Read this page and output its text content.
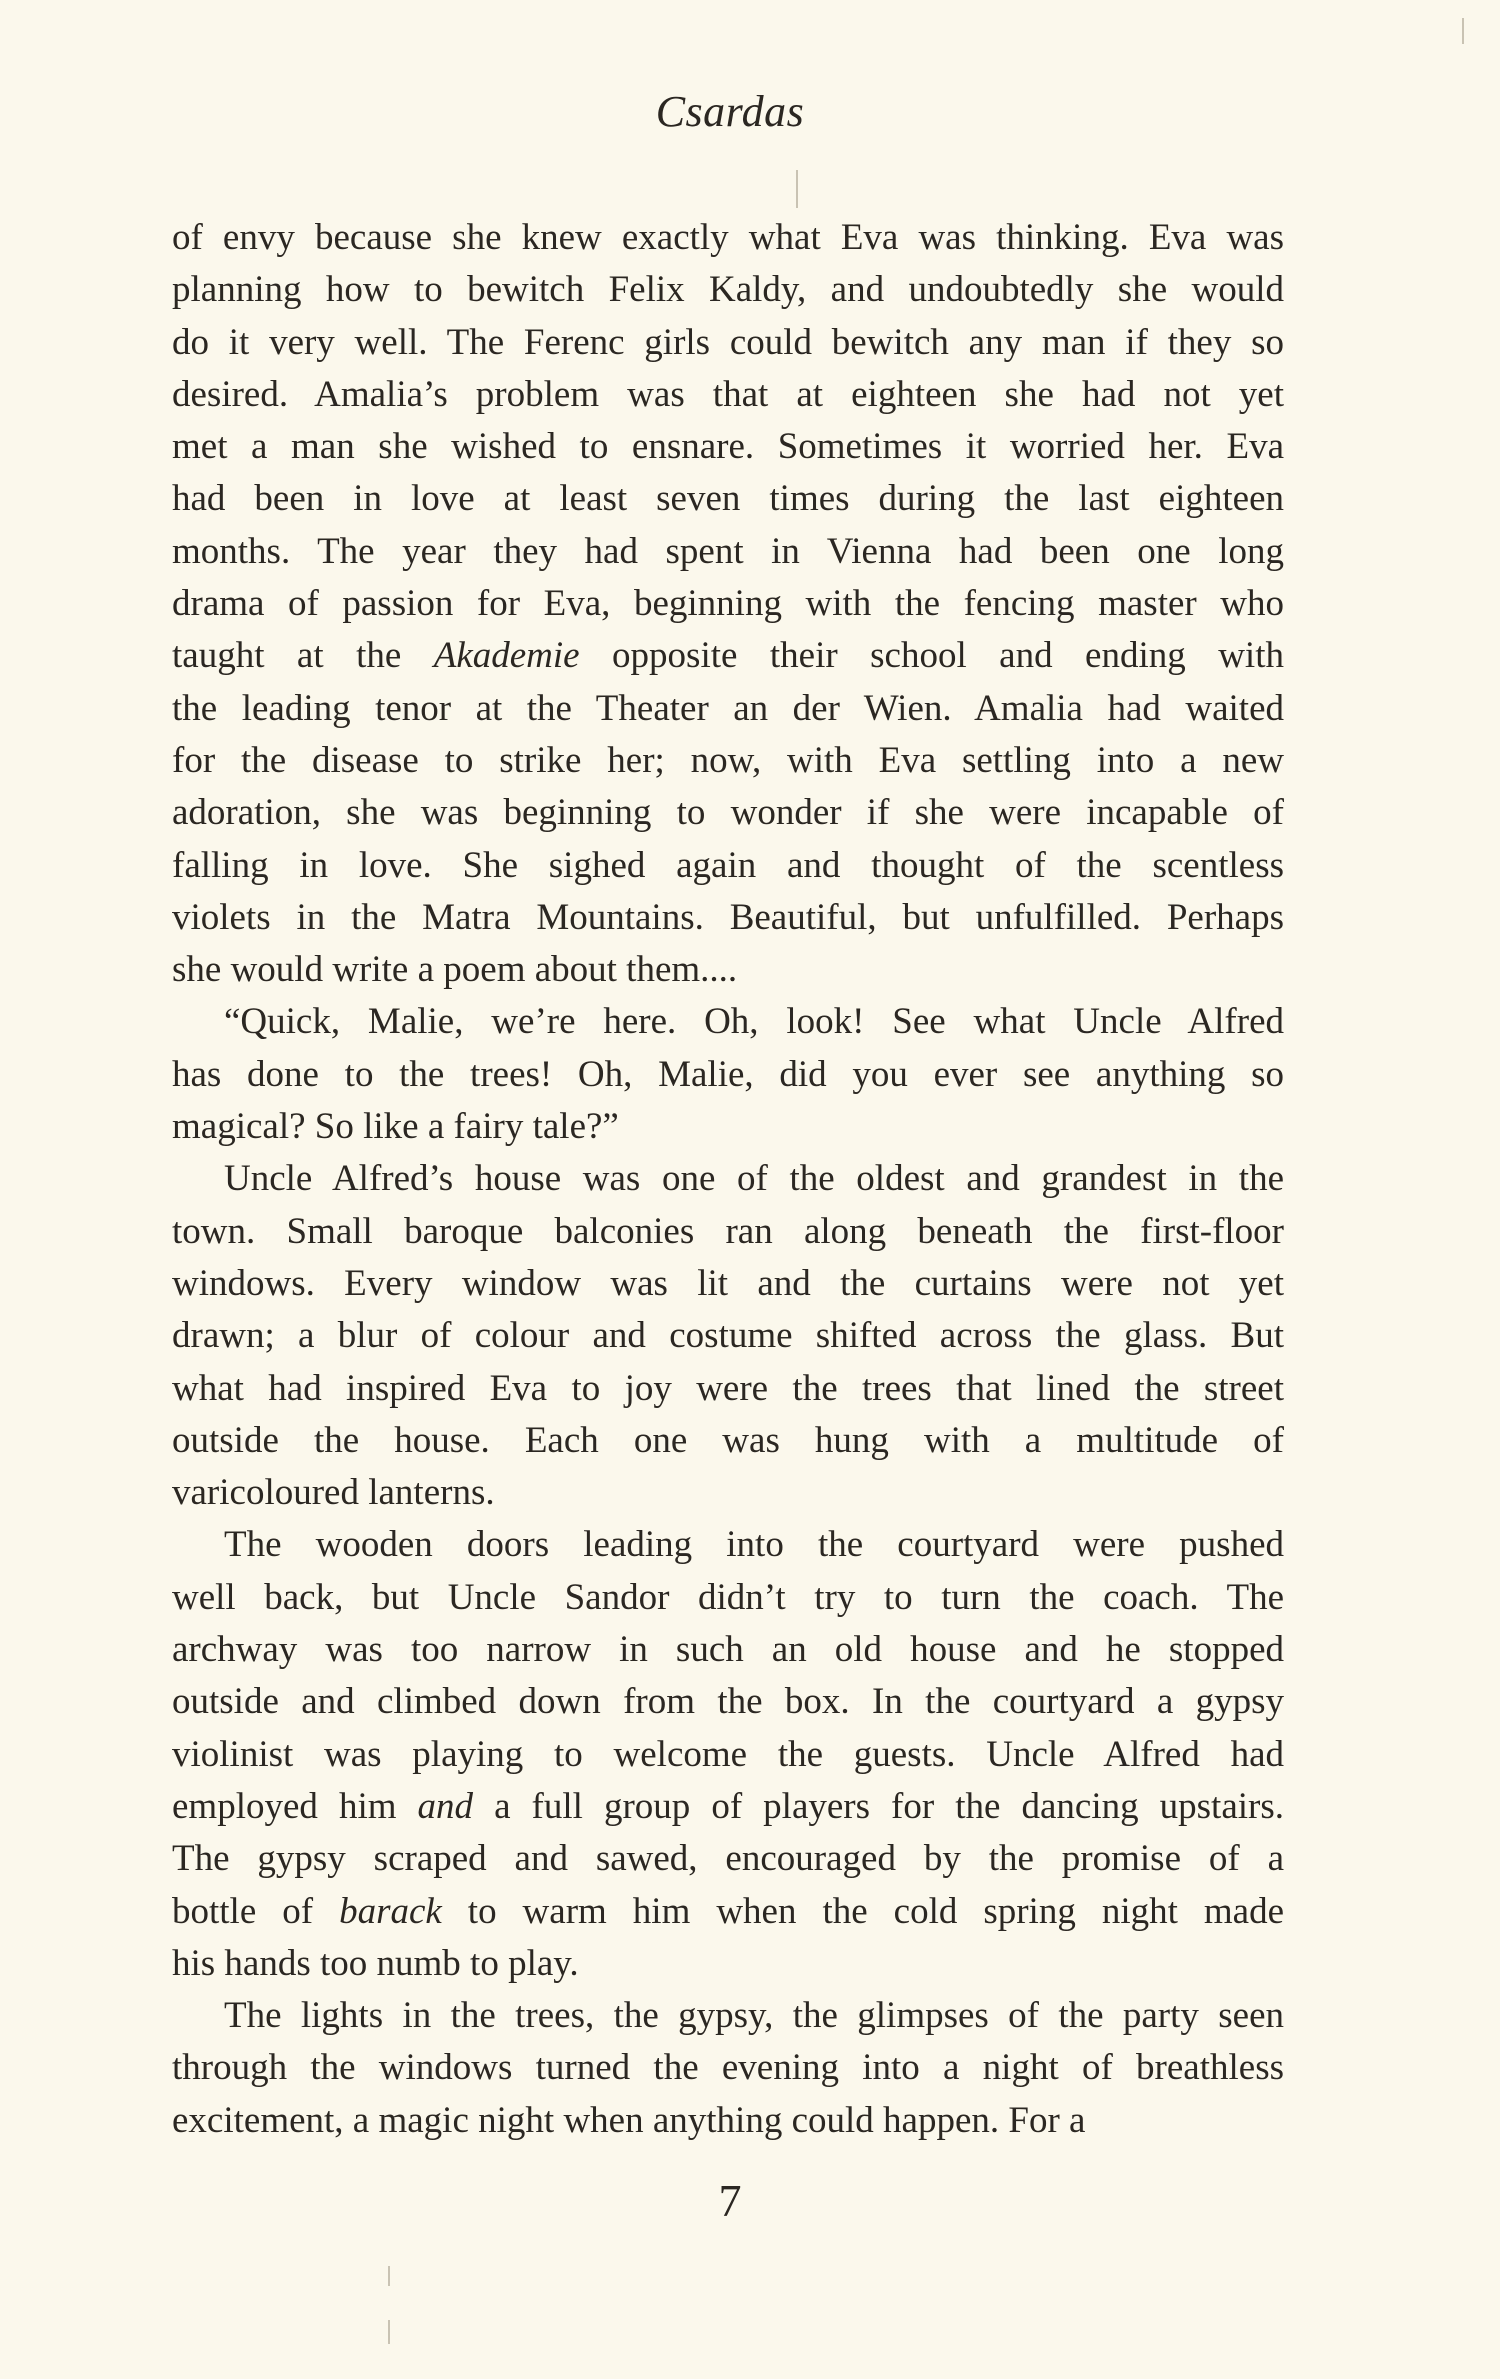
Csardas
of envy because she knew exactly what Eva was thinking. Eva was
planning how to bewitch Felix Kaldy, and undoubtedly she would
do it very well. The Ferenc girls could bewitch any man if they so
desired. Amalia’s problem was that at eighteen she had not yet
met a man she wished to ensnare. Sometimes it worried her. Eva
had been in love at least seven times during the last eighteen
months. The year they had spent in Vienna had been one long
drama of passion for Eva, beginning with the fencing master who
taught at the Akademie opposite their school and ending with
the leading tenor at the Theater an der Wien. Amalia had waited
for the disease to strike her; now, with Eva settling into a new
adoration, she was beginning to wonder if she were incapable of
falling in love. She sighed again and thought of the scentless
violets in the Matra Mountains. Beautiful, but unfulfilled. Perhaps
she would write a poem about them....
“Quick, Malie, we’re here. Oh, look! See what Uncle Alfred
has done to the trees! Oh, Malie, did you ever see anything so
magical? So like a fairy tale?”
Uncle Alfred’s house was one of the oldest and grandest in the
town. Small baroque balconies ran along beneath the first-floor
windows. Every window was lit and the curtains were not yet
drawn; a blur of colour and costume shifted across the glass. But
what had inspired Eva to joy were the trees that lined the street
outside the house. Each one was hung with a multitude of
varicoloured lanterns.
The wooden doors leading into the courtyard were pushed
well back, but Uncle Sandor didn’t try to turn the coach. The
archway was too narrow in such an old house and he stopped
outside and climbed down from the box. In the courtyard a gypsy
violinist was playing to welcome the guests. Uncle Alfred had
employed him and a full group of players for the dancing upstairs.
The gypsy scraped and sawed, encouraged by the promise of a
bottle of barack to warm him when the cold spring night made
his hands too numb to play.
The lights in the trees, the gypsy, the glimpses of the party seen
through the windows turned the evening into a night of breathless
excitement, a magic night when anything could happen. For a
7
